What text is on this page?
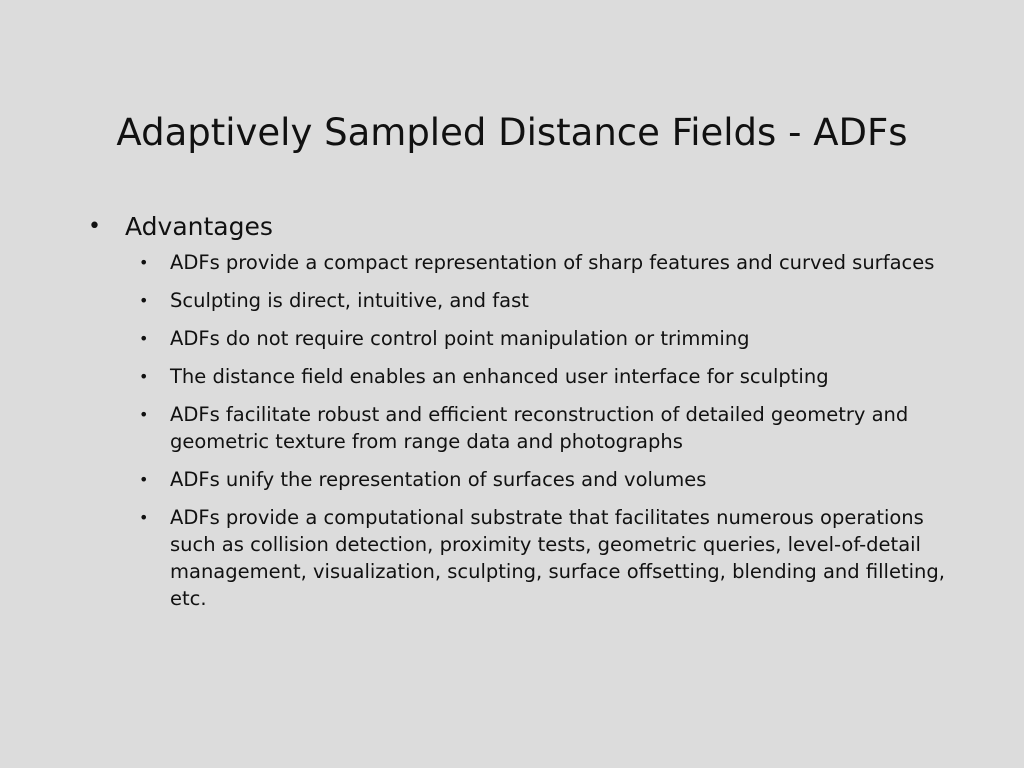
Adaptively Sampled Distance Fields - ADFs
• Advantages
• ADFs provide a compact representation of sharp features and curved surfaces
• Sculpting is direct, intuitive, and fast
• ADFs do not require control point manipulation or trimming
• The distance field enables an enhanced user interface for sculpting
• ADFs facilitate robust and efficient reconstruction of detailed geometry and geometric texture from range data and photographs
• ADFs unify the representation of surfaces and volumes
• ADFs provide a computational substrate that facilitates numerous operations such as collision detection, proximity tests, geometric queries, level-of-detail management, visualization, sculpting, surface offsetting, blending and filleting, etc.
